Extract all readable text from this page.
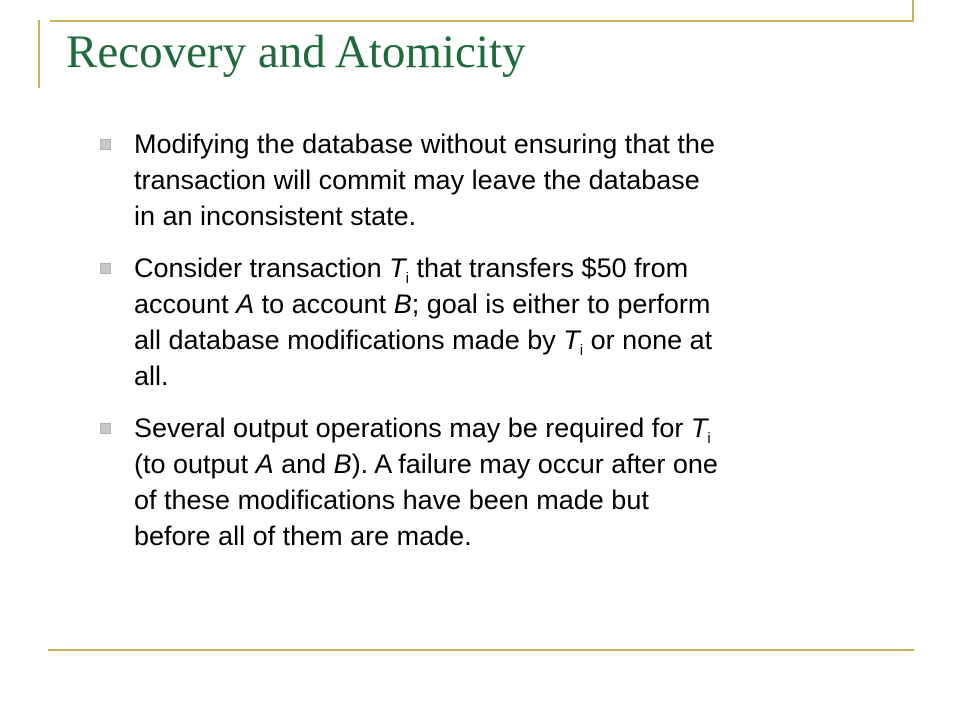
Recovery and Atomicity
Modifying the database without ensuring that the
transaction will commit may leave the database
in an inconsistent state.
Consider transaction $T_i$ that transfers $50 from
account A to account B; goal is either to perform
all database modifications made by $T_i$ or none at
all.
Several output operations may be required for $T_i$
(to output A and B). A failure may occur after one
of these modifications have been made but
before all of them are made.
